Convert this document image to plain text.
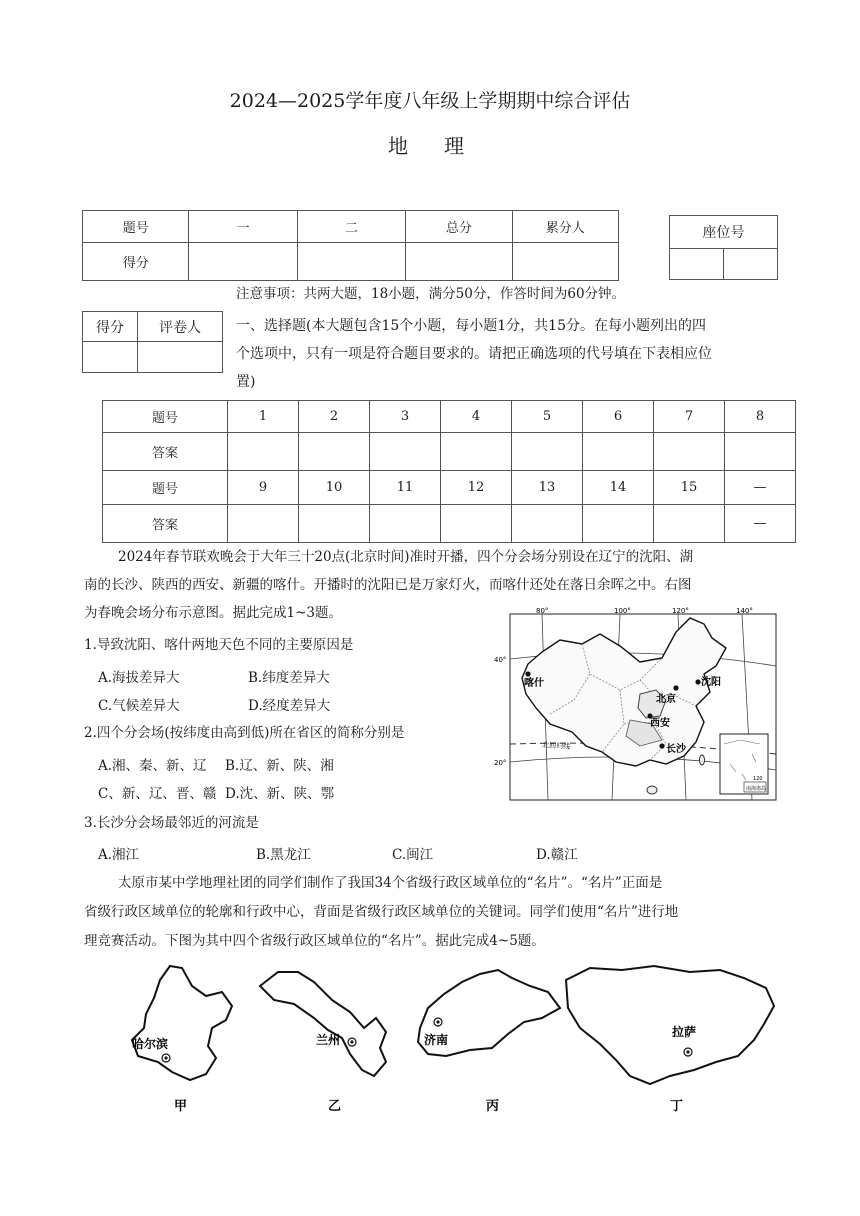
2024—2025学年度八年级上学期期中综合评估
地　理
题号	一	二	总分	累分人
得分				
座位号

注意事项：共两大题，18小题，满分50分，作答时间为60分钟。
得分	评卷人
		一、选择题(本大题包含15个小题，每小题1分，共15分。在每小题列出的四
个选项中，只有一项是符合题目要求的。请把正确选项的代号填在下表相应位
置)
题号	1	2	3	4	5	6	7	8
答案								
题号	9	10	11	12	13	14	15	—
答案								—
2024年春节联欢晚会于大年三十20点(北京时间)准时开播，四个分会场分别设在辽宁的沈阳、湖
南的长沙、陕西的西安、新疆的喀什。开播时的沈阳已是万家灯火，而喀什还处在落日余晖之中。右图
为春晚会场分布示意图。据此完成1~3题。
1.导致沈阳、喀什两地天色不同的主要原因是
A.海拔差异大	B.纬度差异大
C.气候差异大	D.经度差异大
2.四个分会场(按纬度由高到低)所在省区的简称分别是
A.湘、秦、新、辽 B.辽、新、陕、湘
C、新、辽、晋、赣 D.沈、新、陕、鄂
3.长沙分会场最邻近的河流是
A.湘江	B.黑龙江	C.闽江	D.赣江
80°	100°	120°	140°
40°
20°
喀什
北京
沈阳
西安
长沙
北回归线
120
南海诸岛
太原市某中学地理社团的同学们制作了我国34个省级行政区域单位的“名片”。“名片”正面是
省级行政区域单位的轮廓和行政中心，背面是省级行政区域单位的关键词。同学们使用“名片”进行地
理竞赛活动。下图为其中四个省级行政区域单位的“名片”。据此完成4~5题。
哈尔滨
甲
兰州
乙
济南
丙
拉萨
丁
